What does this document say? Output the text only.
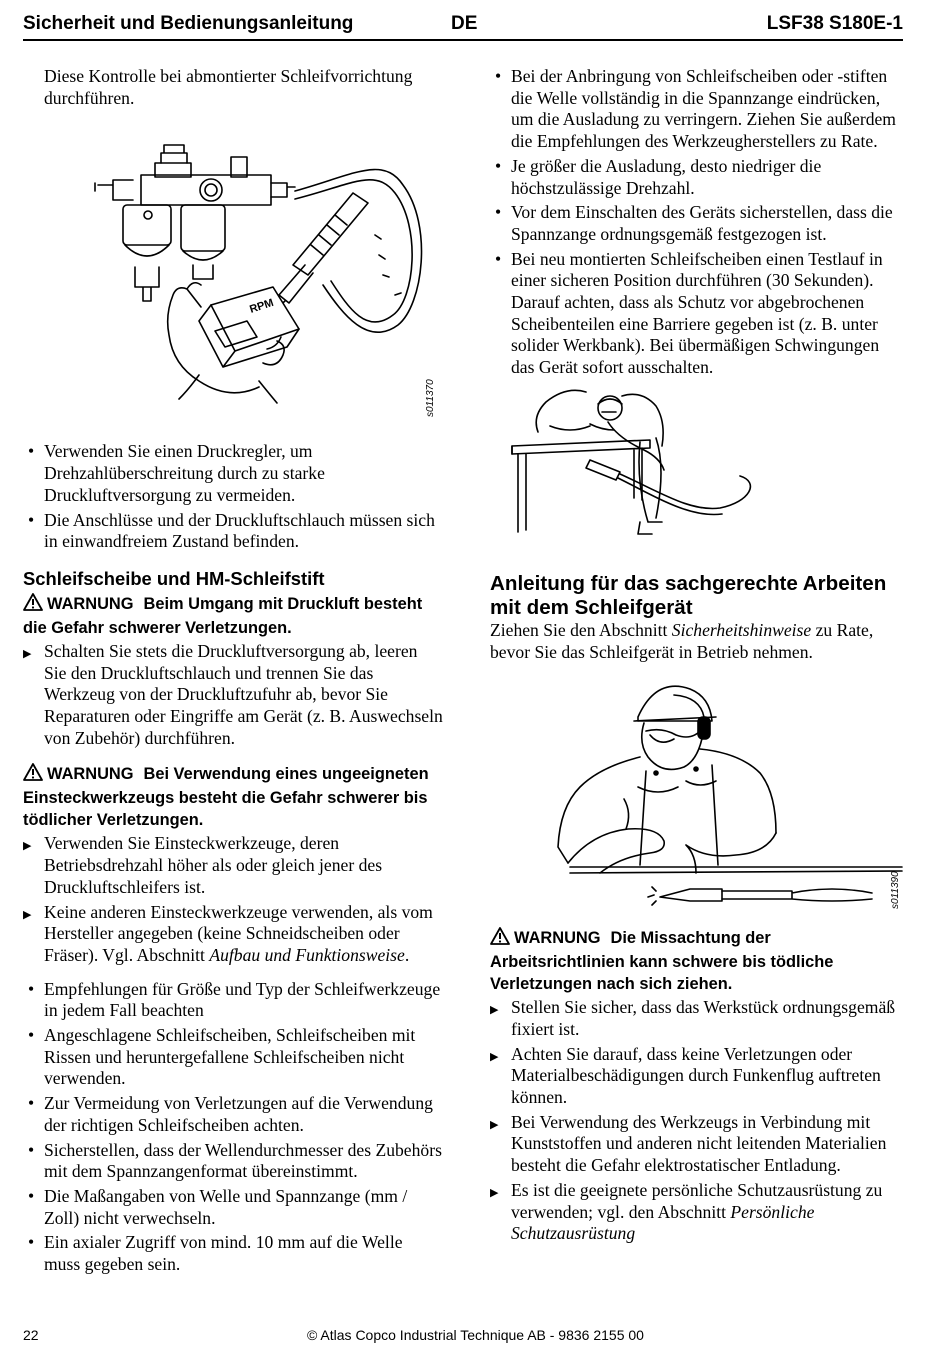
Sicherheit und Bedienungsanleitung	DE	LSF38 S180E-1

Diese Kontrolle bei abmontierter Schleifvorrichtung durchführen.

RPM
s011370
• Verwenden Sie einen Druckregler, um Drehzahlüberschreitung durch zu starke Druckluftversorgung zu vermeiden.
• Die Anschlüsse und der Druckluftschlauch müssen sich in einwandfreiem Zustand befinden.
Schleifscheibe und HM-Schleifstift
WARNUNG Beim Umgang mit Druckluft besteht die Gefahr schwerer Verletzungen.
▶ Schalten Sie stets die Druckluftversorgung ab, leeren Sie den Druckluftschlauch und trennen Sie das Werkzeug von der Druckluftzufuhr ab, bevor Sie Reparaturen oder Eingriffe am Gerät (z. B. Auswechseln von Zubehör) durchführen.
WARNUNG Bei Verwendung eines ungeeigneten Einsteckwerkzeugs besteht die Gefahr schwerer bis tödlicher Verletzungen.
▶ Verwenden Sie Einsteckwerkzeuge, deren Betriebsdrehzahl höher als oder gleich jener des Druckluftschleifers ist.
▶ Keine anderen Einsteckwerkzeuge verwenden, als vom Hersteller angegeben (keine Schneidscheiben oder Fräser). Vgl. Abschnitt Aufbau und Funktionsweise.
• Empfehlungen für Größe und Typ der Schleifwerkzeuge in jedem Fall beachten
• Angeschlagene Schleifscheiben, Schleifscheiben mit Rissen und heruntergefallene Schleifscheiben nicht verwenden.
• Zur Vermeidung von Verletzungen auf die Verwendung der richtigen Schleifscheiben achten.
• Sicherstellen, dass der Wellendurchmesser des Zubehörs mit dem Spannzangenformat übereinstimmt.
• Die Maßangaben von Welle und Spannzange (mm / Zoll) nicht verwechseln.
• Ein axialer Zugriff von mind. 10 mm auf die Welle muss gegeben sein.
• Bei der Anbringung von Schleifscheiben oder -stiften die Welle vollständig in die Spannzange eindrücken, um die Ausladung zu verringern. Ziehen Sie außerdem die Empfehlungen des Werkzeugherstellers zu Rate.
• Je größer die Ausladung, desto niedriger die höchstzulässige Drehzahl.
• Vor dem Einschalten des Geräts sicherstellen, dass die Spannzange ordnungsgemäß festgezogen ist.
• Bei neu montierten Schleifscheiben einen Testlauf in einer sicheren Position durchführen (30 Sekunden). Darauf achten, dass als Schutz vor abgebrochenen Scheibenteilen eine Barriere gegeben ist (z. B. unter solider Werkbank). Bei übermäßigen Schwingungen das Gerät sofort ausschalten.
Anleitung für das sachgerechte Arbeiten mit dem Schleifgerät

Ziehen Sie den Abschnitt Sicherheitshinweise zu Rate, bevor Sie das Schleifgerät in Betrieb nehmen.

s011390
WARNUNG Die Missachtung der Arbeitsrichtlinien kann schwere bis tödliche Verletzungen nach sich ziehen.
▶ Stellen Sie sicher, dass das Werkstück ordnungsgemäß fixiert ist.
▶ Achten Sie darauf, dass keine Verletzungen oder Materialbeschädigungen durch Funkenflug auftreten können.
▶ Bei Verwendung des Werkzeugs in Verbindung mit Kunststoffen und anderen nicht leitenden Materialien besteht die Gefahr elektrostatischer Entladung.
▶ Es ist die geeignete persönliche Schutzausrüstung zu verwenden; vgl. den Abschnitt Persönliche Schutzausrüstung
22	© Atlas Copco Industrial Technique AB - 9836 2155 00
